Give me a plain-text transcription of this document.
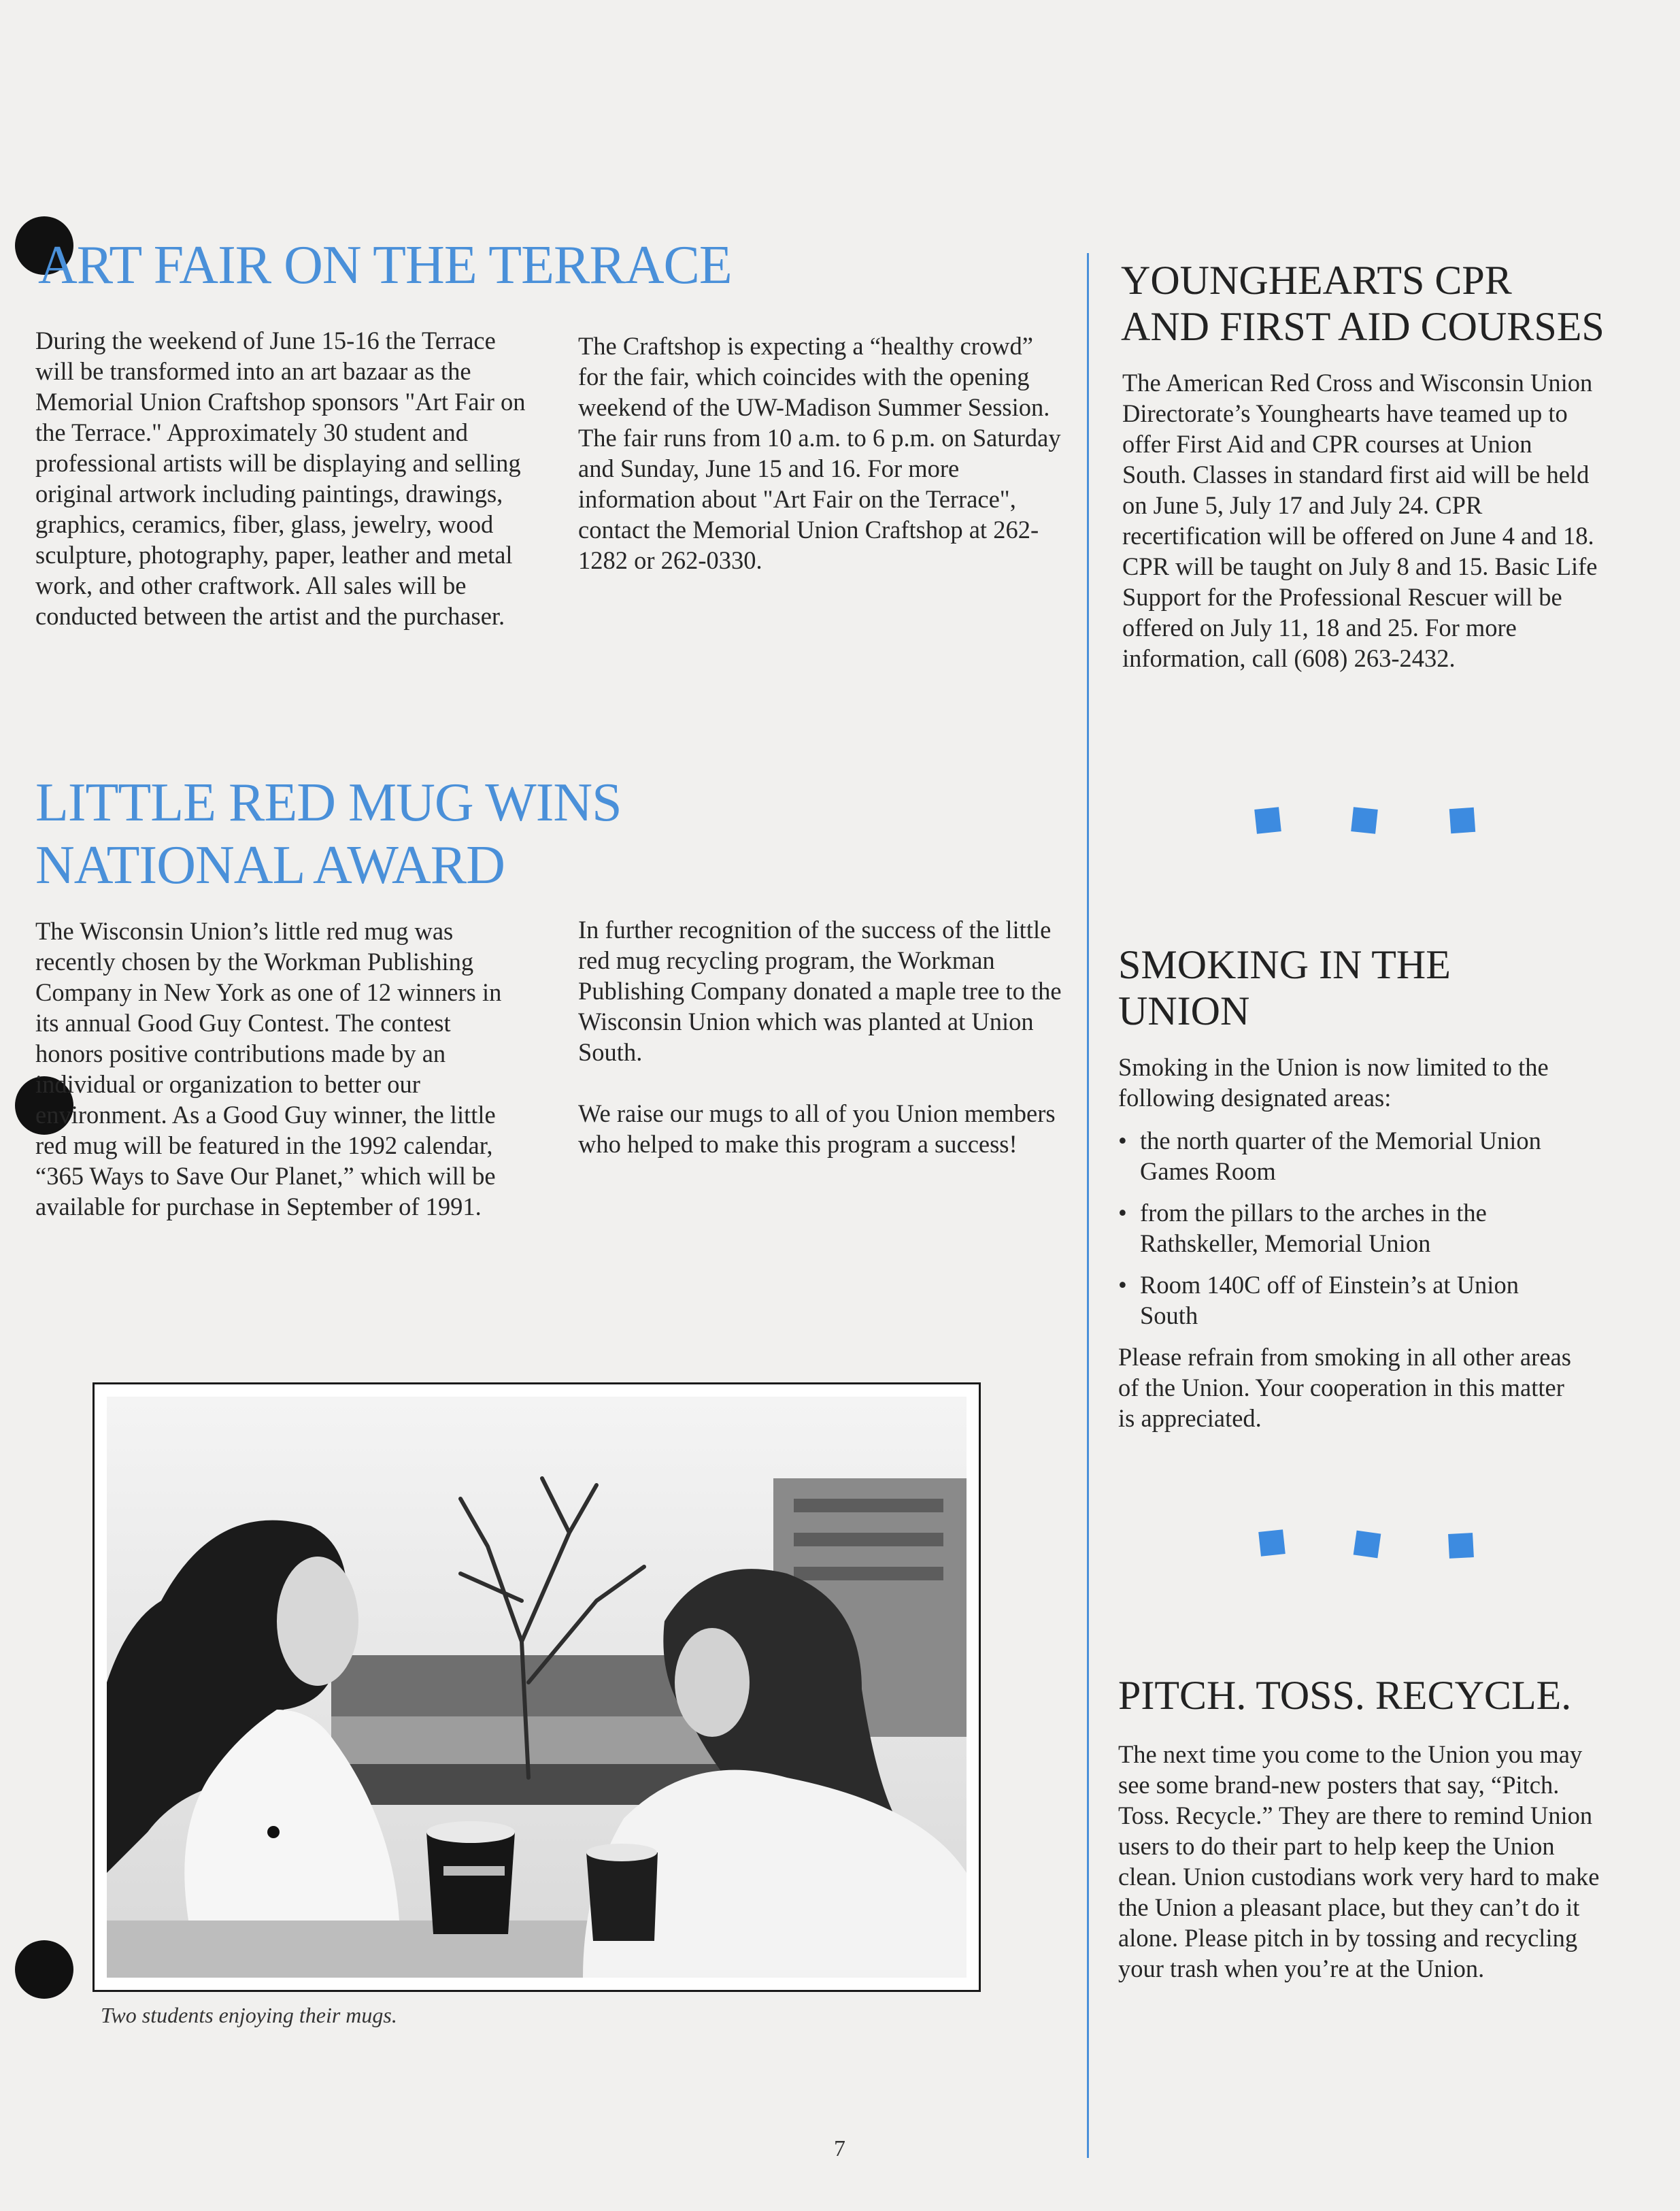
ART FAIR ON THE TERRACE

During the weekend of June 15-16 the Terrace will be transformed into an art bazaar as the Memorial Union Craftshop sponsors "Art Fair on the Terrace." Approximately 30 student and professional artists will be displaying and selling original artwork including paintings, drawings, graphics, ceramics, fiber, glass, jewelry, wood sculpture, photography, paper, leather and metal work, and other craftwork. All sales will be conducted between the artist and the purchaser.

The Craftshop is expecting a “healthy crowd” for the fair, which coincides with the opening weekend of the UW-Madison Summer Session. The fair runs from 10 a.m. to 6 p.m. on Saturday and Sunday, June 15 and 16. For more information about "Art Fair on the Terrace", contact the Memorial Union Craftshop at 262-1282 or 262-0330.

LITTLE RED MUG WINS
NATIONAL AWARD

The Wisconsin Union’s little red mug was recently chosen by the Workman Publishing Company in New York as one of 12 winners in its annual Good Guy Contest. The contest honors positive contributions made by an individual or organization to better our environment. As a Good Guy winner, the little red mug will be featured in the 1992 calendar, “365 Ways to Save Our Planet,” which will be available for purchase in September of 1991.

In further recognition of the success of the little red mug recycling program, the Workman Publishing Company donated a maple tree to the Wisconsin Union which was planted at Union South.

We raise our mugs to all of you Union members who helped to make this program a success!

Two students enjoying their mugs.

YOUNGHEARTS CPR
AND FIRST AID COURSES

The American Red Cross and Wisconsin Union Directorate’s Younghearts have teamed up to offer First Aid and CPR courses at Union South. Classes in standard first aid will be held on June 5, July 17 and July 24. CPR recertification will be offered on June 4 and 18. CPR will be taught on July 8 and 15. Basic Life Support for the Professional Rescuer will be offered on July 11, 18 and 25. For more information, call (608) 263-2432.

SMOKING IN THE
UNION

Smoking in the Union is now limited to the following designated areas:

• the north quarter of the Memorial Union Games Room
• from the pillars to the arches in the Rathskeller, Memorial Union
• Room 140C off of Einstein’s at Union South

Please refrain from smoking in all other areas of the Union. Your cooperation in this matter is appreciated.

PITCH. TOSS. RECYCLE.

The next time you come to the Union you may see some brand-new posters that say, “Pitch. Toss. Recycle.” They are there to remind Union users to do their part to help keep the Union clean. Union custodians work very hard to make the Union a pleasant place, but they can’t do it alone. Please pitch in by tossing and recycling your trash when you’re at the Union.

7
